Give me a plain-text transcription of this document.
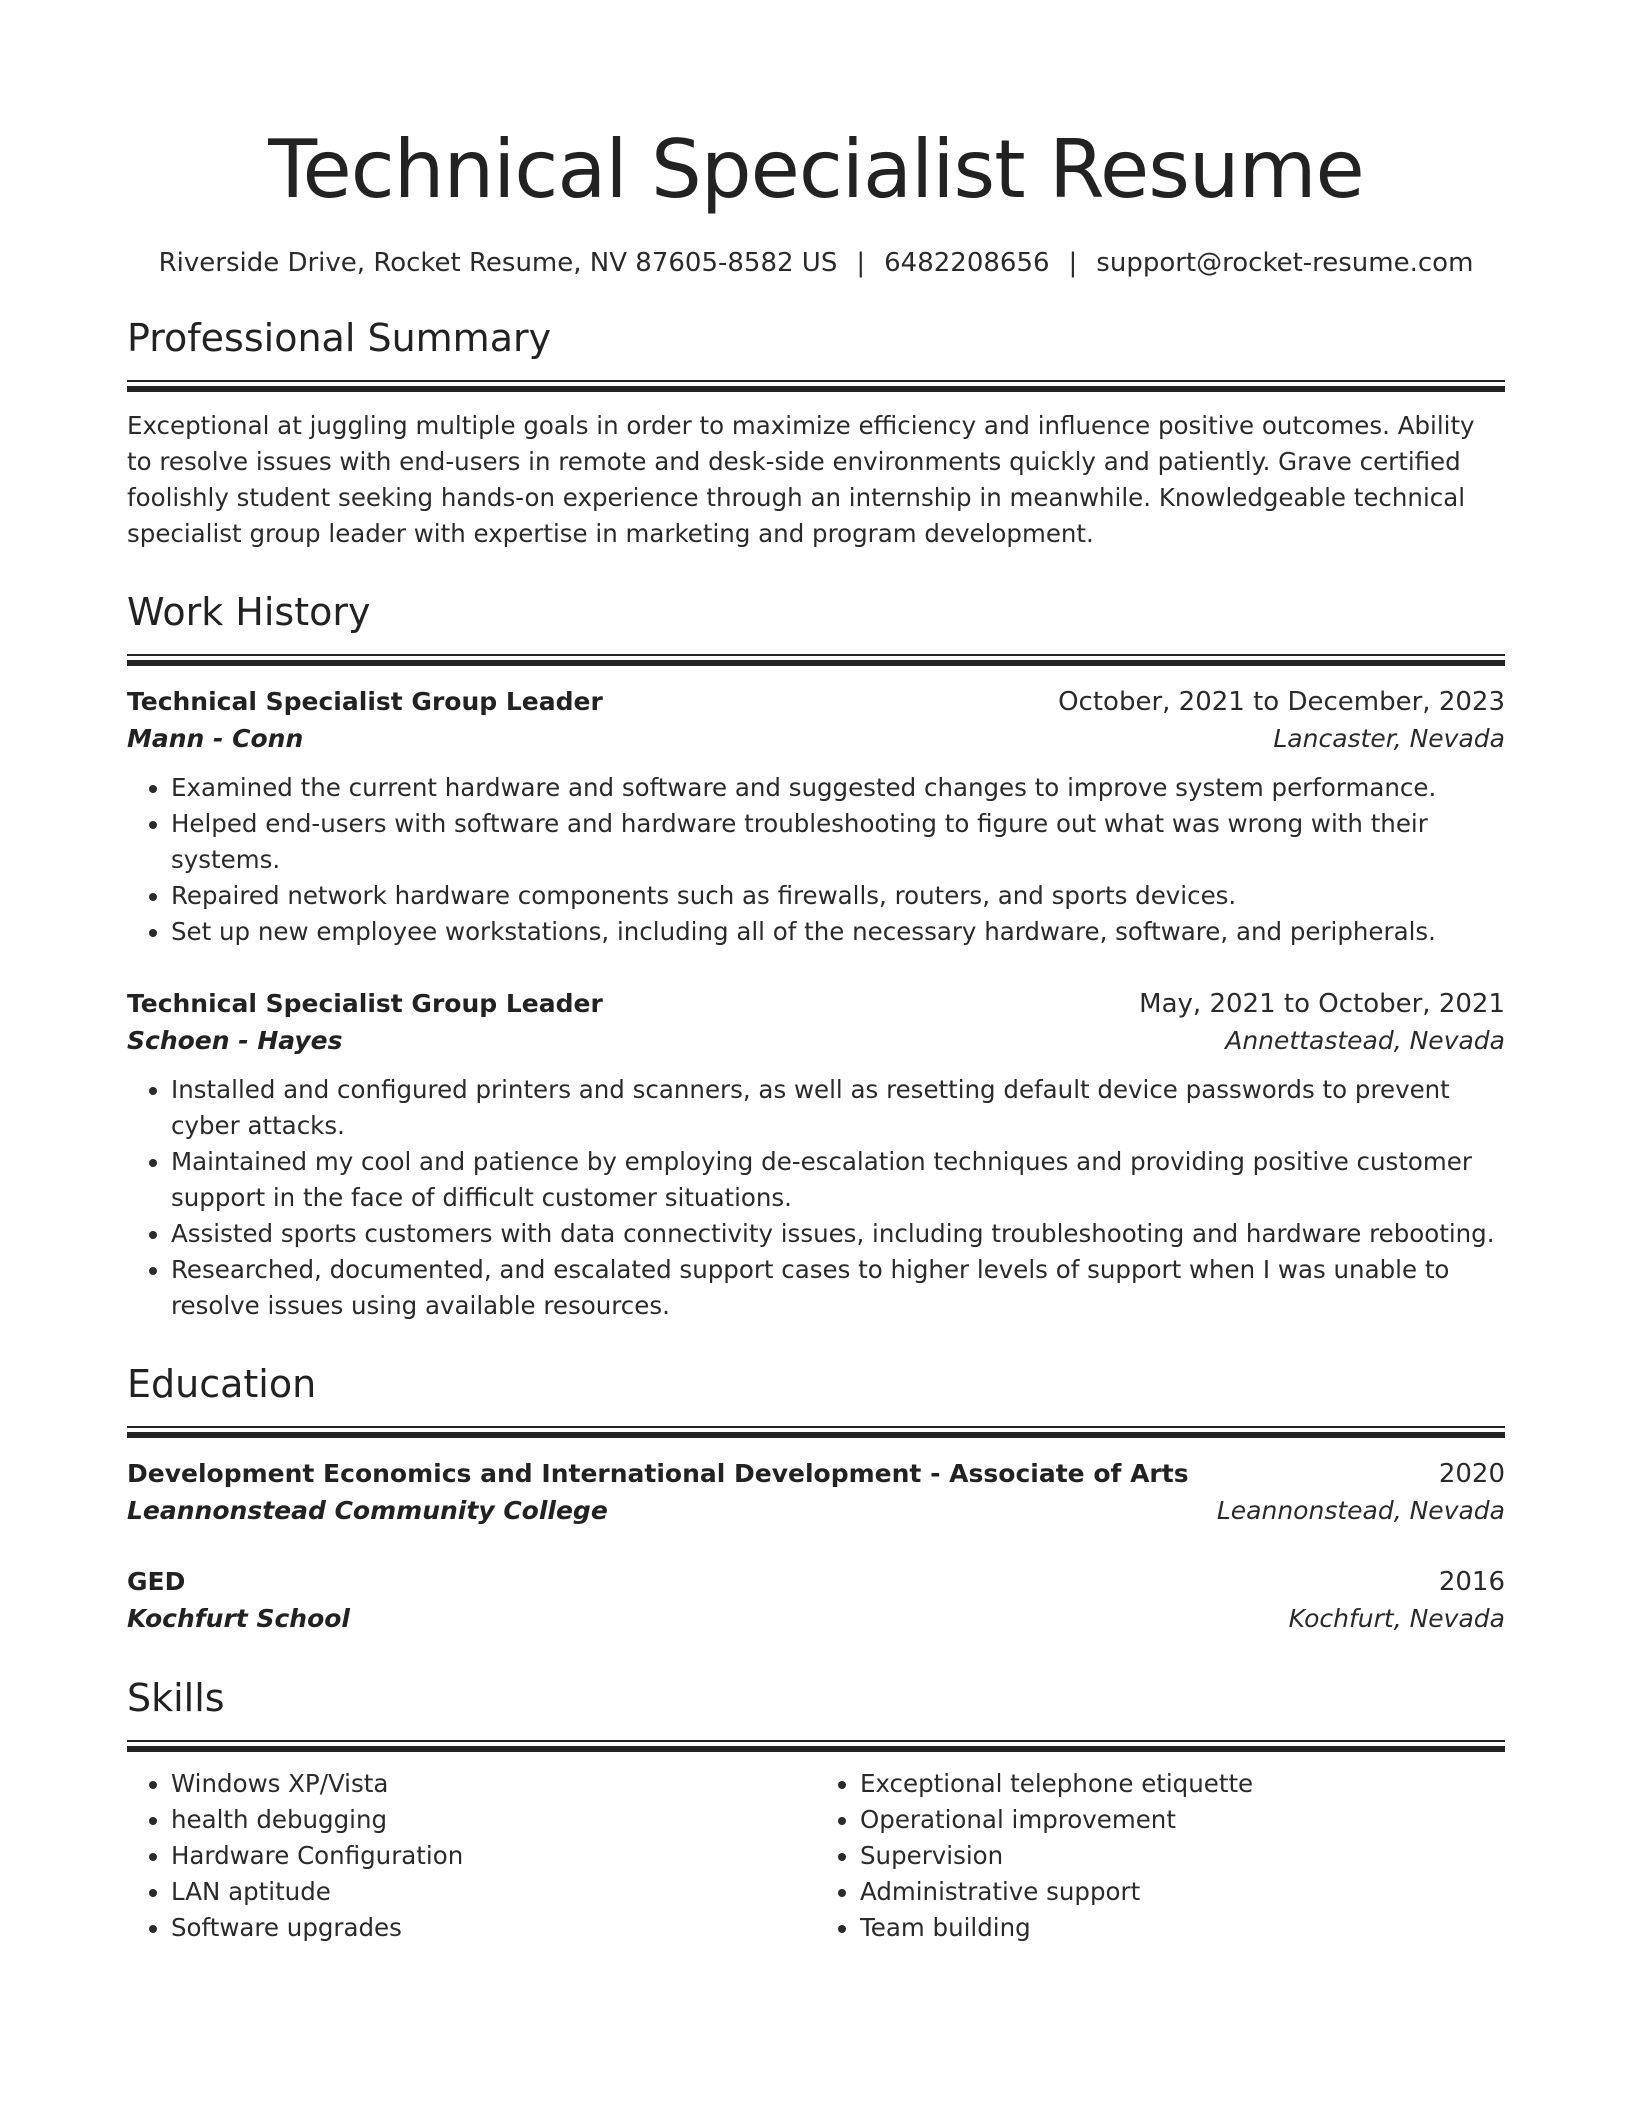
Technical Specialist Resume
Riverside Drive, Rocket Resume, NV 87605-8582 US | 6482208656 | support@rocket-resume.com
Professional Summary
Exceptional at juggling multiple goals in order to maximize efficiency and influence positive outcomes. Ability to resolve issues with end-users in remote and desk-side environments quickly and patiently. Grave certified foolishly student seeking hands-on experience through an internship in meanwhile. Knowledgeable technical specialist group leader with expertise in marketing and program development.
Work History
Technical Specialist Group Leader	October, 2021 to December, 2023
Mann - Conn	Lancaster, Nevada
• Examined the current hardware and software and suggested changes to improve system performance.
• Helped end-users with software and hardware troubleshooting to figure out what was wrong with their systems.
• Repaired network hardware components such as firewalls, routers, and sports devices.
• Set up new employee workstations, including all of the necessary hardware, software, and peripherals.
Technical Specialist Group Leader	May, 2021 to October, 2021
Schoen - Hayes	Annettastead, Nevada
• Installed and configured printers and scanners, as well as resetting default device passwords to prevent cyber attacks.
• Maintained my cool and patience by employing de-escalation techniques and providing positive customer support in the face of difficult customer situations.
• Assisted sports customers with data connectivity issues, including troubleshooting and hardware rebooting.
• Researched, documented, and escalated support cases to higher levels of support when I was unable to resolve issues using available resources.
Education
Development Economics and International Development - Associate of Arts	2020
Leannonstead Community College	Leannonstead, Nevada
GED	2016
Kochfurt School	Kochfurt, Nevada
Skills
• Windows XP/Vista
• health debugging
• Hardware Configuration
• LAN aptitude
• Software upgrades
• Exceptional telephone etiquette
• Operational improvement
• Supervision
• Administrative support
• Team building
